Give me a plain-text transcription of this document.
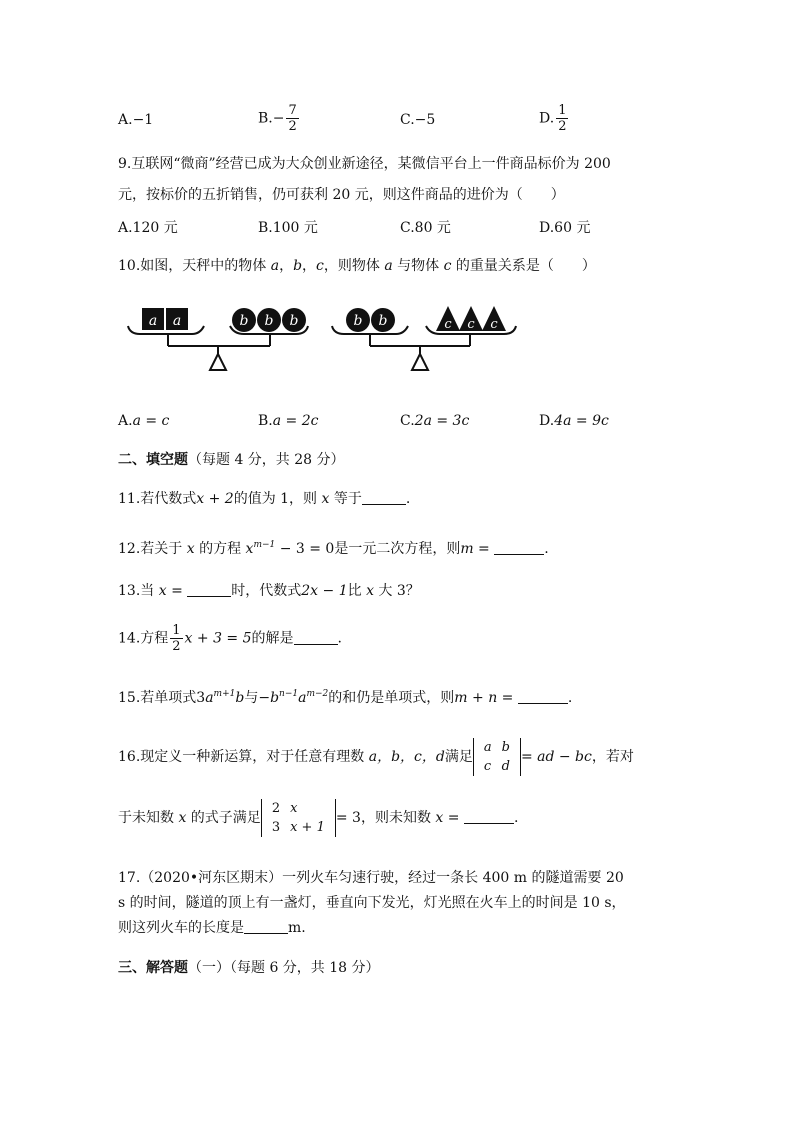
A.−1	$B.- \frac{7}{2}$	C.−5	D. $\frac{1}{2}$
9.互联网“微商”经营已成为大众创业新途径，某微信平台上一件商品标价为 200
元，按标价的五折销售，仍可获利 20 元，则这件商品的进价为（　　）
A.120 元	B.100 元	C.80 元	D.60 元
10.如图，天秤中的物体 a，b，c，则物体 a 与物体 c 的重量关系是（　　）
a a	b b b	b b	c c c
A.a = c	B.a = 2c	C.2a = 3c	D.4a = 9c
二、填空题（每题 4 分，共 28 分）
11.若代数式x + 2的值为 1，则 x 等于	.
12.若关于 x 的方程 $x^{m-1} - 3 = 0$是一元二次方程，则m =	.
13.当 x =	时，代数式2x − 1比 x 大 3？
14.方程 $\frac{1}{2}$ x + 3 = 5的解是	.
15.若单项式$3a^{m+1}b$与$-b^{n-1}a^{m-2}$的和仍是单项式，则m + n =	.
16.现定义一种新运算，对于任意有理数 a，b，c，d满足
a	b
c	d
= ad − bc，若对
于未知数 x 的式子满足
2	x
3	x + 1
= 3，则未知数 x =	.
17.（2020•河东区期末）一列火车匀速行驶，经过一条长 400 m 的隧道需要 20
s 的时间，隧道的顶上有一盏灯，垂直向下发光，灯光照在火车上的时间是 10 s，
则这列火车的长度是	m.
三、解答题（一）（每题 6 分，共 18 分）
